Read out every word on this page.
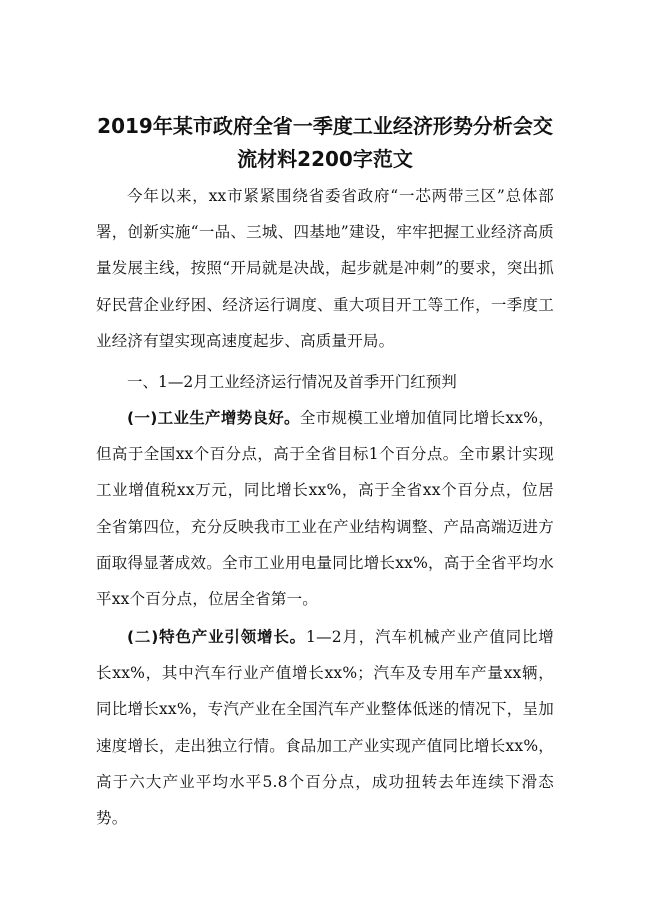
2019年某市政府全省一季度工业经济形势分析会交
流材料2200字范文

今年以来，xx市紧紧围绕省委省政府“一芯两带三区”总体部署，创新实施“一品、三城、四基地”建设，牢牢把握工业经济高质量发展主线，按照“开局就是决战，起步就是冲刺”的要求，突出抓好民营企业纾困、经济运行调度、重大项目开工等工作，一季度工业经济有望实现高速度起步、高质量开局。

一、1—2月工业经济运行情况及首季开门红预判

(一)工业生产增势良好。全市规模工业增加值同比增长xx%，但高于全国xx个百分点，高于全省目标1个百分点。全市累计实现工业增值税xx万元，同比增长xx%，高于全省xx个百分点，位居全省第四位，充分反映我市工业在产业结构调整、产品高端迈进方面取得显著成效。全市工业用电量同比增长xx%，高于全省平均水平xx个百分点，位居全省第一。

(二)特色产业引领增长。1—2月，汽车机械产业产值同比增长xx%，其中汽车行业产值增长xx%；汽车及专用车产量xx辆，同比增长xx%，专汽产业在全国汽车产业整体低迷的情况下，呈加速度增长，走出独立行情。食品加工产业实现产值同比增长xx%，高于六大产业平均水平5.8个百分点，成功扭转去年连续下滑态势。
